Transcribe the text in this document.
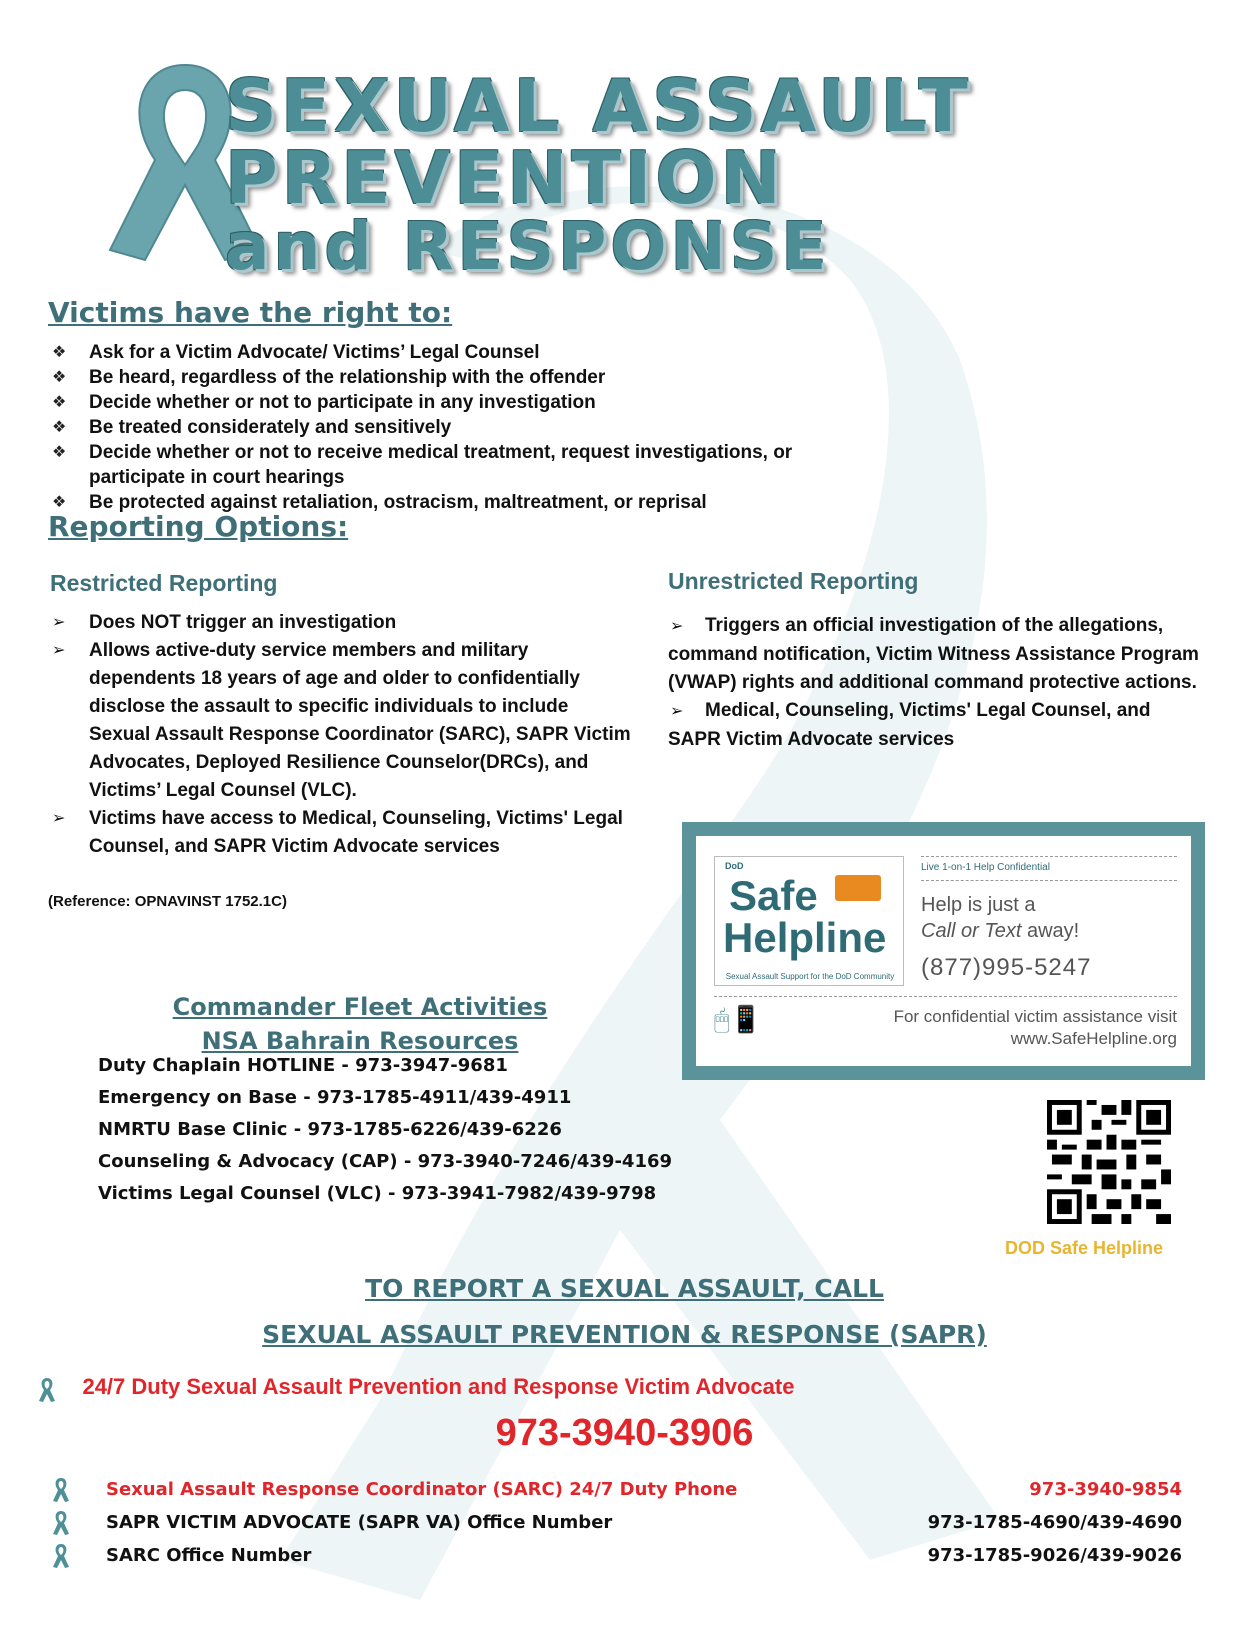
SEXUAL ASSAULT
PREVENTION
and RESPONSE
Victims have the right to:
❖ Ask for a Victim Advocate/ Victims’ Legal Counsel
❖ Be heard, regardless of the relationship with the offender
❖ Decide whether or not to participate in any investigation
❖ Be treated considerately and sensitively
❖ Decide whether or not to receive medical treatment, request investigations, or participate in court hearings
❖ Be protected against retaliation, ostracism, maltreatment, or reprisal
Reporting Options:
Restricted Reporting
➢ Does NOT trigger an investigation
➢ Allows active-duty service members and military dependents 18 years of age and older to confidentially disclose the assault to specific individuals to include Sexual Assault Response Coordinator (SARC), SAPR Victim Advocates, Deployed Resilience Counselor(DRCs), and Victims’ Legal Counsel (VLC).
➢ Victims have access to Medical, Counseling, Victims' Legal Counsel, and SAPR Victim Advocate services
(Reference: OPNAVINST 1752.1C)
Unrestricted Reporting

➢ Triggers an official investigation of the allegations, command notification, Victim Witness Assistance Program (VWAP) rights and additional command protective actions.

➢ Medical, Counseling, Victims' Legal Counsel, and SAPR Victim Advocate services

DoD
Safe
Helpline
Sexual Assault Support for the DoD Community
Live 1-on-1 Help Confidential
Help is just a
Call or Text away!
(877)995-5247
🖱📱	For confidential victim assistance visit
www.SafeHelpline.org
Commander Fleet Activities
NSA Bahrain Resources
Duty Chaplain HOTLINE - 973-3947-9681
Emergency on Base - 973-1785-4911/439-4911
NMRTU Base Clinic - 973-1785-6226/439-6226
Counseling & Advocacy (CAP) - 973-3940-7246/439-4169
Victims Legal Counsel (VLC) - 973-3941-7982/439-9798
DOD Safe Helpline
TO REPORT A SEXUAL ASSAULT, CALL
SEXUAL ASSAULT PREVENTION & RESPONSE (SAPR)
24/7 Duty Sexual Assault Prevention and Response Victim Advocate
973-3940-3906
Sexual Assault Response Coordinator (SARC) 24/7 Duty Phone	973-3940-9854
SAPR VICTIM ADVOCATE (SAPR VA) Office Number	973-1785-4690/439-4690
SARC Office Number	973-1785-9026/439-9026
